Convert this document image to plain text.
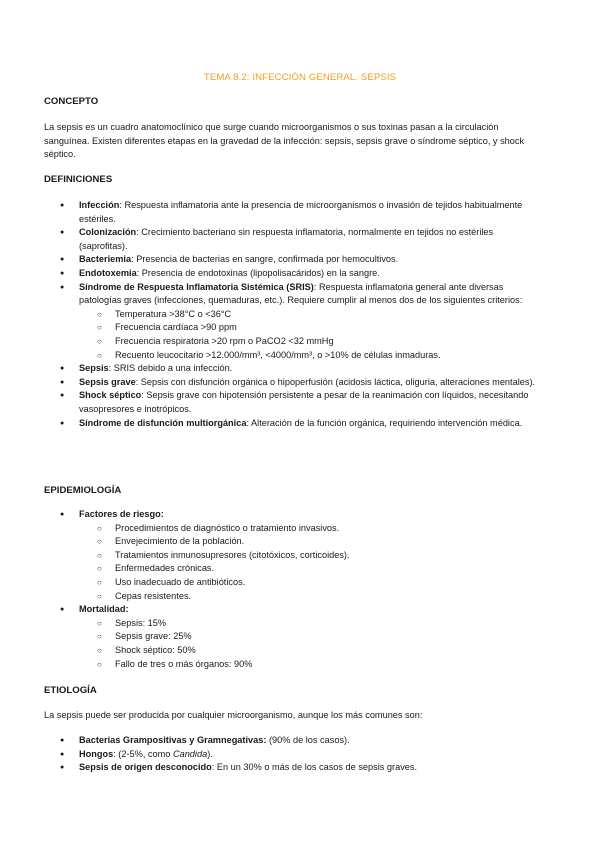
TEMA 8.2: INFECCIÓN GENERAL. SEPSIS
CONCEPTO
La sepsis es un cuadro anatomoclínico que surge cuando microorganismos o sus toxinas pasan a la circulación sanguínea. Existen diferentes etapas en la gravedad de la infección: sepsis, sepsis grave o síndrome séptico, y shock séptico.
DEFINICIONES
● Infección: Respuesta inflamatoria ante la presencia de microorganismos o invasión de tejidos habitualmente estériles.
● Colonización: Crecimiento bacteriano sin respuesta inflamatoria, normalmente en tejidos no estériles (saprofitas).
● Bacteriemia: Presencia de bacterias en sangre, confirmada por hemocultivos.
● Endotoxemia: Presencia de endotoxinas (lipopolisacáridos) en la sangre.
● Síndrome de Respuesta Inflamatoria Sistémica (SRIS): Respuesta inflamatoria general ante diversas patologías graves (infecciones, quemaduras, etc.). Requiere cumplir al menos dos de los siguientes criterios:
○ Temperatura >38°C o <36°C
○ Frecuencia cardíaca >90 ppm
○ Frecuencia respiratoria >20 rpm o PaCO2 <32 mmHg
○ Recuento leucocitario >12.000/mm³, <4000/mm³, o >10% de células inmaduras.
● Sepsis: SRIS debido a una infección.
● Sepsis grave: Sepsis con disfunción orgánica o hipoperfusión (acidosis láctica, oliguria, alteraciones mentales).
● Shock séptico: Sepsis grave con hipotensión persistente a pesar de la reanimación con líquidos, necesitando vasopresores e inotrópicos.
● Síndrome de disfunción multiorgánica: Alteración de la función orgánica, requiriendo intervención médica.
EPIDEMIOLOGÍA
● Factores de riesgo:
○ Procedimientos de diagnóstico o tratamiento invasivos.
○ Envejecimiento de la población.
○ Tratamientos inmunosupresores (citotóxicos, corticoides).
○ Enfermedades crónicas.
○ Uso inadecuado de antibióticos.
○ Cepas resistentes.
● Mortalidad:
○ Sepsis: 15%
○ Sepsis grave: 25%
○ Shock séptico: 50%
○ Fallo de tres o más órganos: 90%
ETIOLOGÍA
La sepsis puede ser producida por cualquier microorganismo, aunque los más comunes son:
● Bacterias Grampositivas y Gramnegativas: (90% de los casos).
● Hongos: (2-5%, como Candida).
● Sepsis de origen desconocido: En un 30% o más de los casos de sepsis graves.
